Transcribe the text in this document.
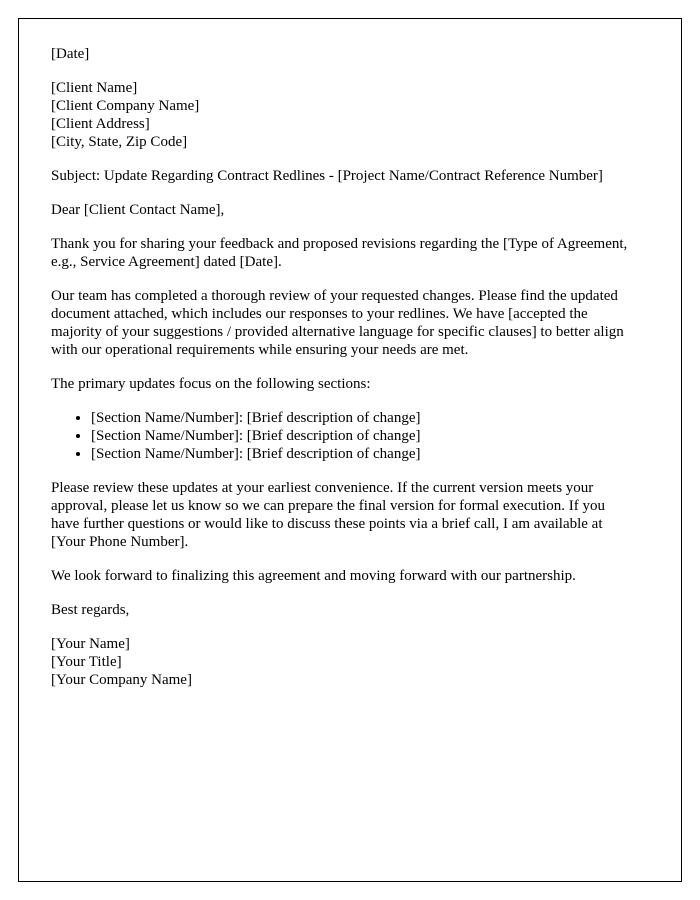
[Date]

[Client Name]
[Client Company Name]
[Client Address]
[City, State, Zip Code]

Subject: Update Regarding Contract Redlines - [Project Name/Contract Reference Number]

Dear [Client Contact Name],

Thank you for sharing your feedback and proposed revisions regarding the [Type of Agreement, e.g., Service Agreement] dated [Date].

Our team has completed a thorough review of your requested changes. Please find the updated document attached, which includes our responses to your redlines. We have [accepted the majority of your suggestions / provided alternative language for specific clauses] to better align with our operational requirements while ensuring your needs are met.

The primary updates focus on the following sections:

• [Section Name/Number]: [Brief description of change]
• [Section Name/Number]: [Brief description of change]
• [Section Name/Number]: [Brief description of change]

Please review these updates at your earliest convenience. If the current version meets your approval, please let us know so we can prepare the final version for formal execution. If you have further questions or would like to discuss these points via a brief call, I am available at [Your Phone Number].

We look forward to finalizing this agreement and moving forward with our partnership.

Best regards,

[Your Name]
[Your Title]
[Your Company Name]
